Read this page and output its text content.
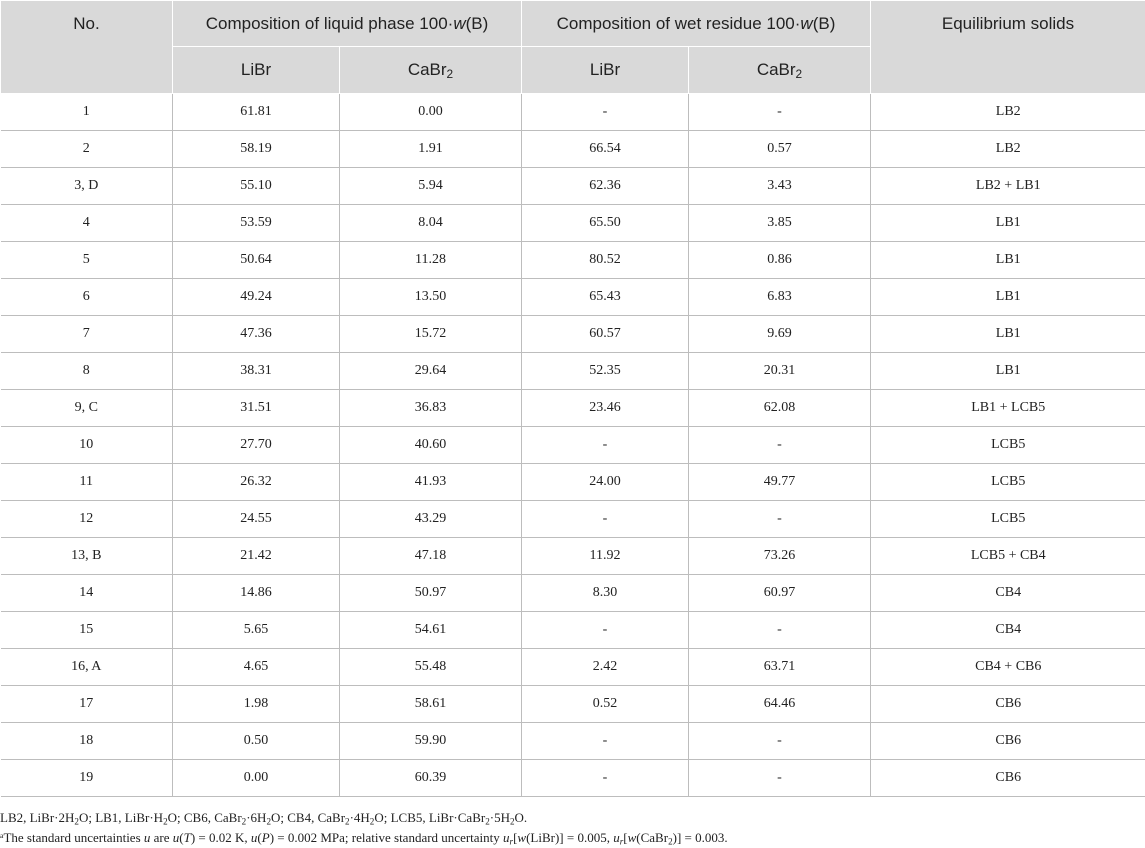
No.	Composition of liquid phase 100·w(B)		Composition of wet residue 100·w(B)		Equilibrium solids
	LiBr	CaBr$_2$	LiBr	CaBr$_2$
1	61.81	0.00	-	-	LB2
2	58.19	1.91	66.54	0.57	LB2
3, D	55.10	5.94	62.36	3.43	LB2 + LB1
4	53.59	8.04	65.50	3.85	LB1
5	50.64	11.28	80.52	0.86	LB1
6	49.24	13.50	65.43	6.83	LB1
7	47.36	15.72	60.57	9.69	LB1
8	38.31	29.64	52.35	20.31	LB1
9, C	31.51	36.83	23.46	62.08	LB1 + LCB5
10	27.70	40.60	-	-	LCB5
11	26.32	41.93	24.00	49.77	LCB5
12	24.55	43.29	-	-	LCB5
13, B	21.42	47.18	11.92	73.26	LCB5 + CB4
14	14.86	50.97	8.30	60.97	CB4
15	5.65	54.61	-	-	CB4
16, A	4.65	55.48	2.42	63.71	CB4 + CB6
17	1.98	58.61	0.52	64.46	CB6
18	0.50	59.90	-	-	CB6
19	0.00	60.39	-	-	CB6

LB2, $LiBr\cdot 2H_2O$; LB1, $LiBr\cdot H_2O$; CB6, $CaBr_2\cdot 6H_2O$; CB4, $CaBr_2\cdot 4H_2O$; LCB5, $LiBr\cdot CaBr_2\cdot 5H_2O$.

$^a$The standard uncertainties u are u(T) = 0.02 K, u(P) = 0.002 MPa; relative standard uncertainty $u_r[w(LiBr)] = 0.005$, $u_r[w(CaBr_2)] = 0.003$.
